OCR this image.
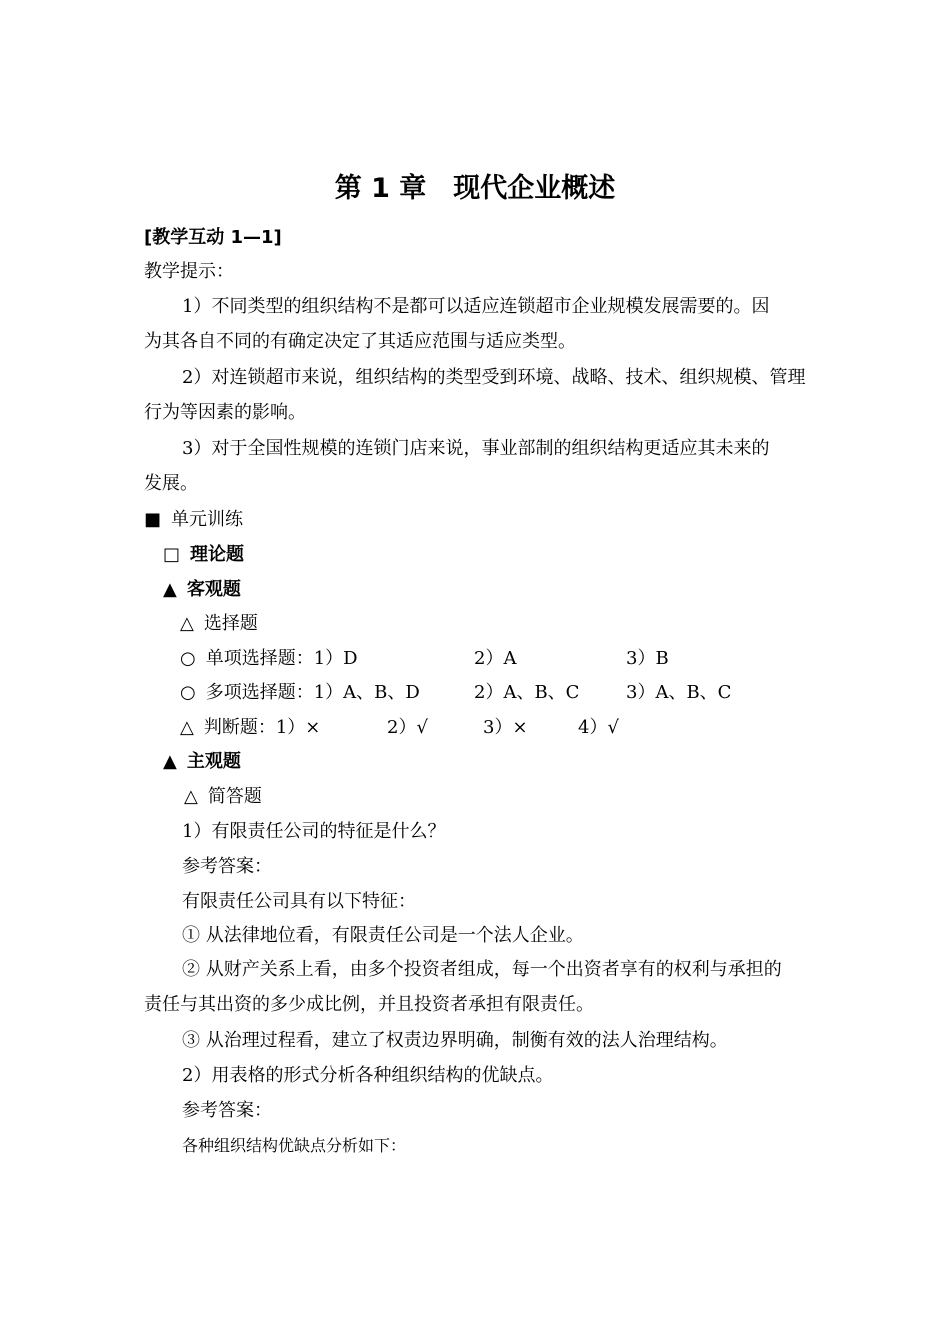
第 1 章　现代企业概述
[教学互动 1—1]
教学提示：
1）不同类型的组织结构不是都可以适应连锁超市企业规模发展需要的。因
为其各自不同的有确定决定了其适应范围与适应类型。
2）对连锁超市来说，组织结构的类型受到环境、战略、技术、组织规模、管理
行为等因素的影响。
3）对于全国性规模的连锁门店来说，事业部制的组织结构更适应其未来的
发展。
■ 单元训练
□ 理论题
▲ 客观题
△ 选择题
○ 单项选择题：1）D	2）A	3）B
○ 多项选择题：1）A、B、D	2）A、B、C	3）A、B、C
△ 判断题：1）×	2）√	3）×	4）√
▲ 主观题
△ 简答题
1）有限责任公司的特征是什么？
参考答案：
有限责任公司具有以下特征：
① 从法律地位看，有限责任公司是一个法人企业。
② 从财产关系上看，由多个投资者组成，每一个出资者享有的权利与承担的
责任与其出资的多少成比例，并且投资者承担有限责任。
③ 从治理过程看，建立了权责边界明确，制衡有效的法人治理结构。
2）用表格的形式分析各种组织结构的优缺点。
参考答案：
各种组织结构优缺点分析如下：
